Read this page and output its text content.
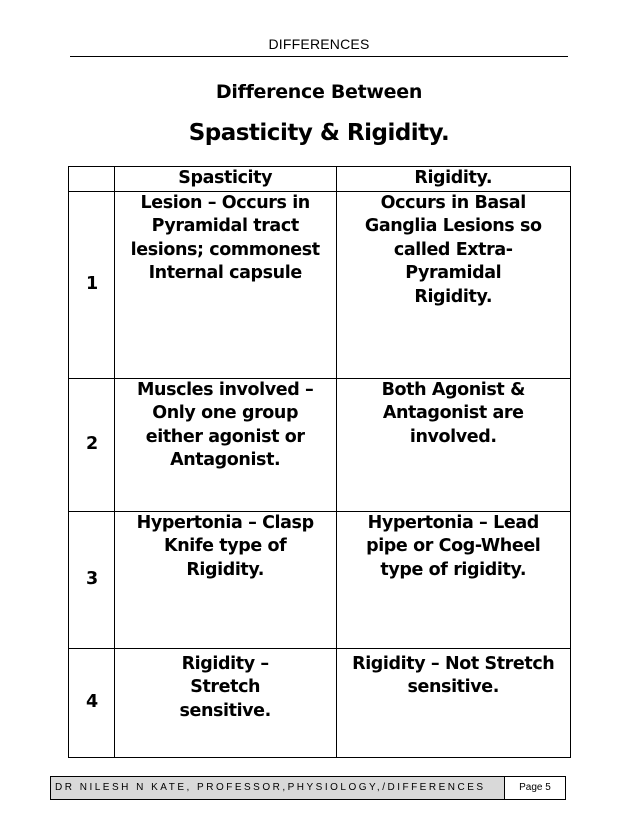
DIFFERENCES
Difference Between
Spasticity & Rigidity.
	Spasticity	Rigidity.
1	Lesion – Occurs in Pyramidal tract lesions; commonest Internal capsule	Occurs in Basal Ganglia Lesions so called Extra-Pyramidal Rigidity.

2	Muscles involved – Only one group either agonist or Antagonist.	Both Agonist & Antagonist are involved.

3	Hypertonia – Clasp Knife type of Rigidity.	Hypertonia – Lead pipe or Cog-Wheel type of rigidity.

4	Rigidity – Stretch sensitive.	Rigidity – Not Stretch sensitive.
DR NILESH N KATE, PROFESSOR,PHYSIOLOGY,/DIFFERENCES	Page 5
